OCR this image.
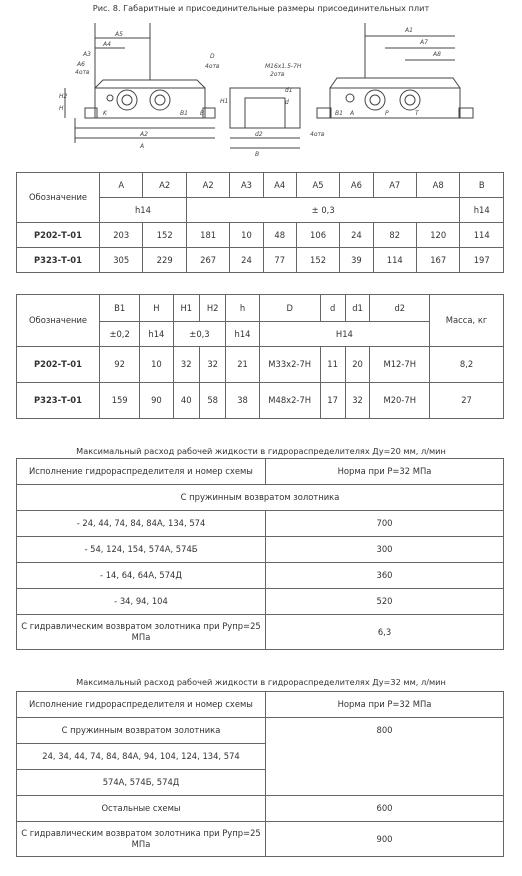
Рис. 8. Габаритные и присоединительные размеры присоединительных плит
A5
A4
A3
A6
4отв
H2
H
H1
D
4отв
A2
A
B1 B
K
A1
A7
A8
M16x1.5-7H
2отв
d1
d
d2	4отв
B
P	T
A
B1
Обозначение	A	A2	A2	A3	A4	A5	A6	A7	A8	B
	h14		± 0,3							h14
Р202-Т-01	203	152	181	10	48	106	24	82	120	114
Р323-Т-01	305	229	267	24	77	152	39	114	167	197
Обозначение	B1	H	H1	H2	h	D	d	d1	d2	Масса, кг
	±0,2	h14	±0,3		h14	H14				
Р202-Т-01	92	10	32	32	21	М33x2-7Н	11	20	М12-7Н	8,2
Р323-Т-01	159	90	40	58	38	М48x2-7Н	17	32	М20-7Н	27
Максимальный расход рабочей жидкости в гидрораспределителях Ду=20 мм, л/мин
Исполнение гидрораспределителя и номер схемы	Норма при Р=32 МПа
С пружинным возвратом золотника	
- 24, 44, 74, 84, 84А, 134, 574	700
- 54, 124, 154, 574А, 574Б	300
- 14, 64, 64А, 574Д	360
- 34, 94, 104	520
С гидравлическим возвратом золотника при Рупр=25 МПа	6,3
Максимальный расход рабочей жидкости в гидрораспределителях Ду=32 мм, л/мин
Исполнение гидрораспределителя и номер схемы	Норма при Р=32 МПа
С пружинным возвратом золотника	800
24, 34, 44, 74, 84, 84А, 94, 104, 124, 134, 574	
574А, 574Б, 574Д	
Остальные схемы	600
С гидравлическим возвратом золотника при Рупр=25 МПа	900
